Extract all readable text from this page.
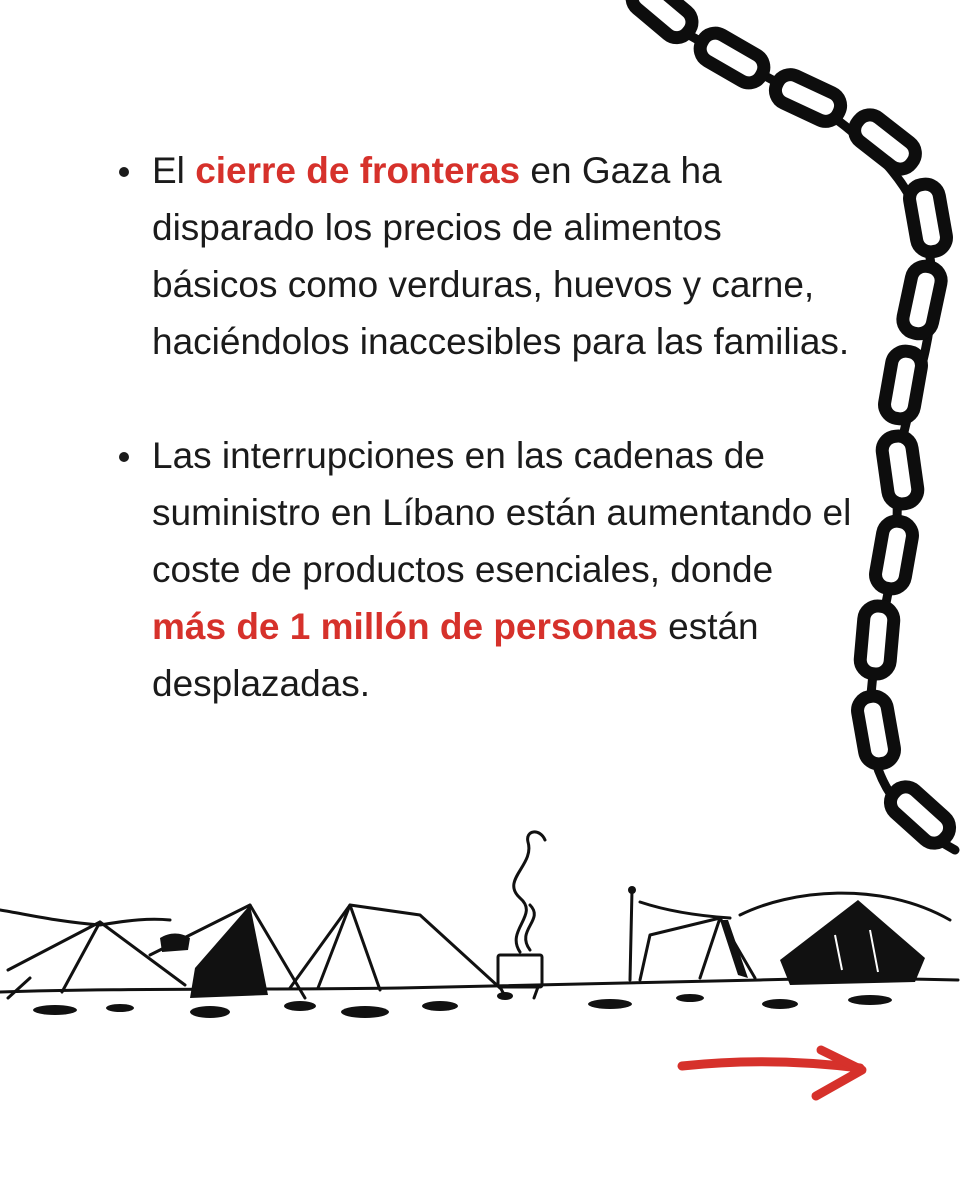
El cierre de fronteras en Gaza ha disparado los precios de alimentos básicos como verduras, huevos y carne, haciéndolos inaccesibles para las familias.
Las interrupciones en las cadenas de suministro en Líbano están aumentando el coste de productos esenciales, donde más de 1 millón de personas están desplazadas.
